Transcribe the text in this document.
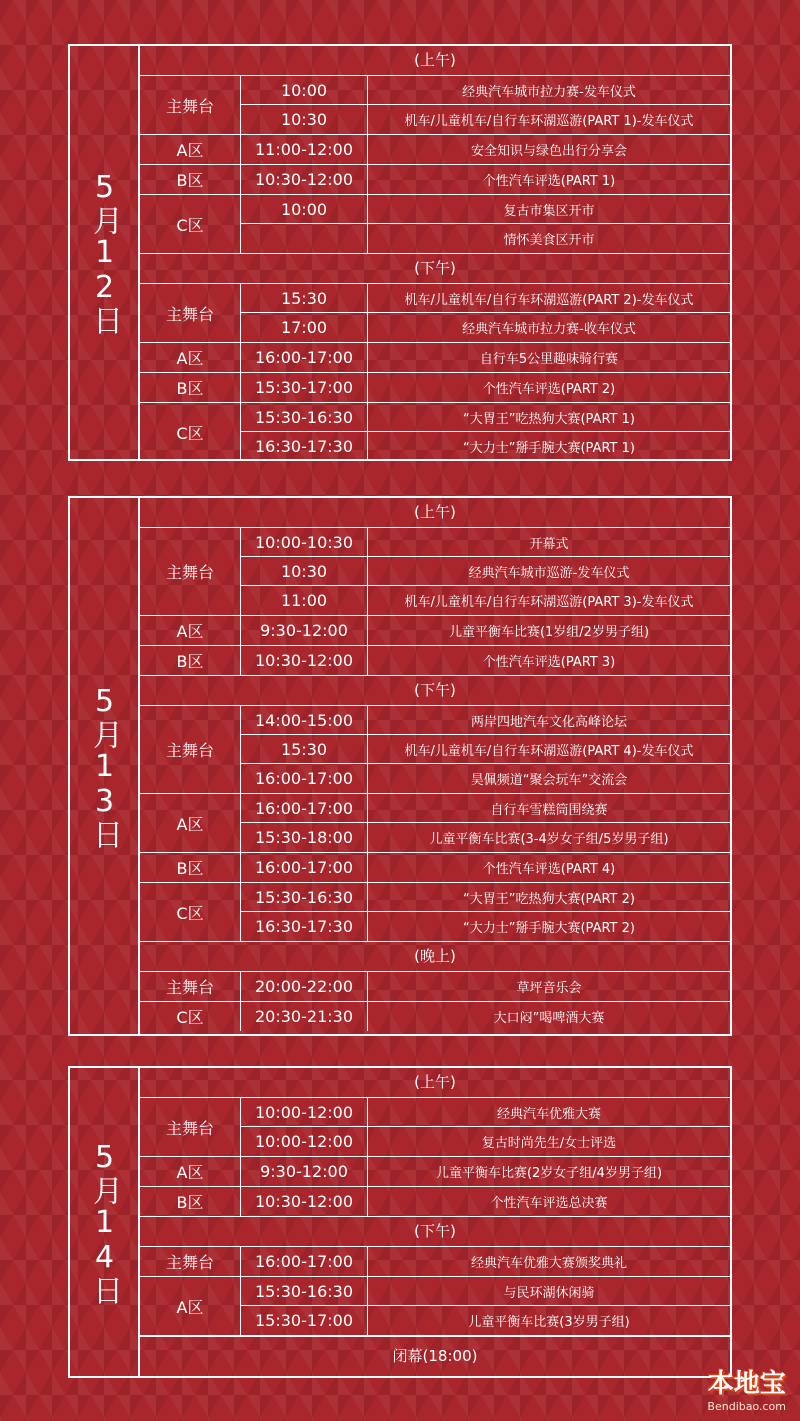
5月12日
(上午)
主舞台
10:00	经典汽车城市拉力赛-发车仪式
10:30	机车/儿童机车/自行车环湖巡游(PART 1)-发车仪式
A区	11:00-12:00	安全知识与绿色出行分享会
B区	10:30-12:00	个性汽车评选(PART 1)
C区
10:00	复古市集区开市
情怀美食区开市
(下午)
主舞台
15:30	机车/儿童机车/自行车环湖巡游(PART 2)-发车仪式
17:00	经典汽车城市拉力赛-收车仪式
A区	16:00-17:00	自行车5公里趣味骑行赛
B区	15:30-17:00	个性汽车评选(PART 2)
C区
15:30-16:30	“大胃王”吃热狗大赛(PART 1)
16:30-17:30	“大力士”掰手腕大赛(PART 1)
5月13日
(上午)
主舞台
10:00-10:30	开幕式
10:30	经典汽车城市巡游-发车仪式
11:00	机车/儿童机车/自行车环湖巡游(PART 3)-发车仪式
A区	9:30-12:00	儿童平衡车比赛(1岁组/2岁男子组)
B区	10:30-12:00	个性汽车评选(PART 3)
(下午)
主舞台
14:00-15:00	两岸四地汽车文化高峰论坛
15:30	机车/儿童机车/自行车环湖巡游(PART 4)-发车仪式
16:00-17:00	昊佩频道“聚会玩车”交流会
A区
16:00-17:00	自行车雪糕筒围绕赛
15:30-18:00	儿童平衡车比赛(3-4岁女子组/5岁男子组)
B区	16:00-17:00	个性汽车评选(PART 4)
C区
15:30-16:30	“大胃王”吃热狗大赛(PART 2)
16:30-17:30	“大力士”掰手腕大赛(PART 2)
(晚上)
主舞台	20:00-22:00	草坪音乐会
C区	20:30-21:30	大口闷”喝啤酒大赛
5月14日
(上午)
主舞台
10:00-12:00	经典汽车优雅大赛
10:00-12:00	复古时尚先生/女士评选
A区	9:30-12:00	儿童平衡车比赛(2岁女子组/4岁男子组)
B区	10:30-12:00	个性汽车评选总决赛
(下午)
主舞台	16:00-17:00	经典汽车优雅大赛颁奖典礼
A区
15:30-16:30	与民环湖休闲骑
15:30-17:00	儿童平衡车比赛(3岁男子组)
闭幕(18:00)
本地宝
Bendibao.com
